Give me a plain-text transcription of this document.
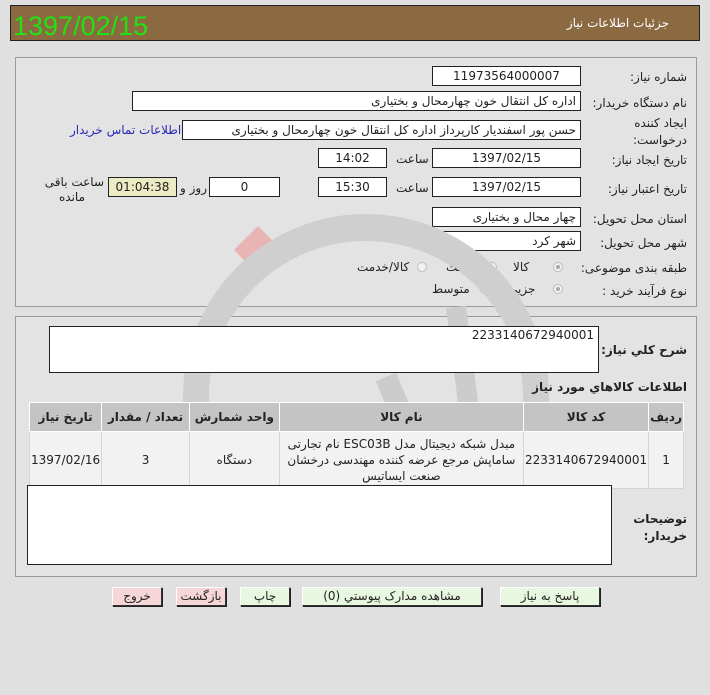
جزئیات اطلاعات نیاز
1397/02/15
شماره نیاز:
11973564000007
نام دستگاه خریدار:
اداره کل انتقال خون چهارمحال و بختیاری
ایجاد کننده
درخواست:
حسن پور اسفندیار کارپرداز اداره کل انتقال خون چهارمحال و بختیاری
اطلاعات تماس خریدار
تاریخ ایجاد نیاز:
1397/02/15
ساعت
14:02
تاریخ اعتبار نیاز:
1397/02/15
ساعت
15:30
0
روز و
01:04:38
ساعت باقی
مانده
استان محل تحویل:
چهار محال و بختیاری
شهر محل تحویل:
شهر کرد
طبقه بندی موضوعی:
کالا
خدمت
کالا/خدمت
نوع فرآیند خرید :
جزیی
متوسط
شرح کلي نياز:
2233140672940001
اطلاعات کالاهاي مورد نياز
رديف	کد کالا	نام کالا	واحد شمارش	تعداد / مقدار	تاريخ نياز
1	2233140672940001	مبدل شبکه دیجیتال مدل ESC03B نام تجارتی ساماپش مرجع عرضه کننده مهندسی درخشان صنعت ایساتیس	دستگاه	3	1397/02/16
توضیحات
خریدار:
پاسخ به نیاز
مشاهده مدارک پیوستي (0)
چاپ
بازگشت
خروج
